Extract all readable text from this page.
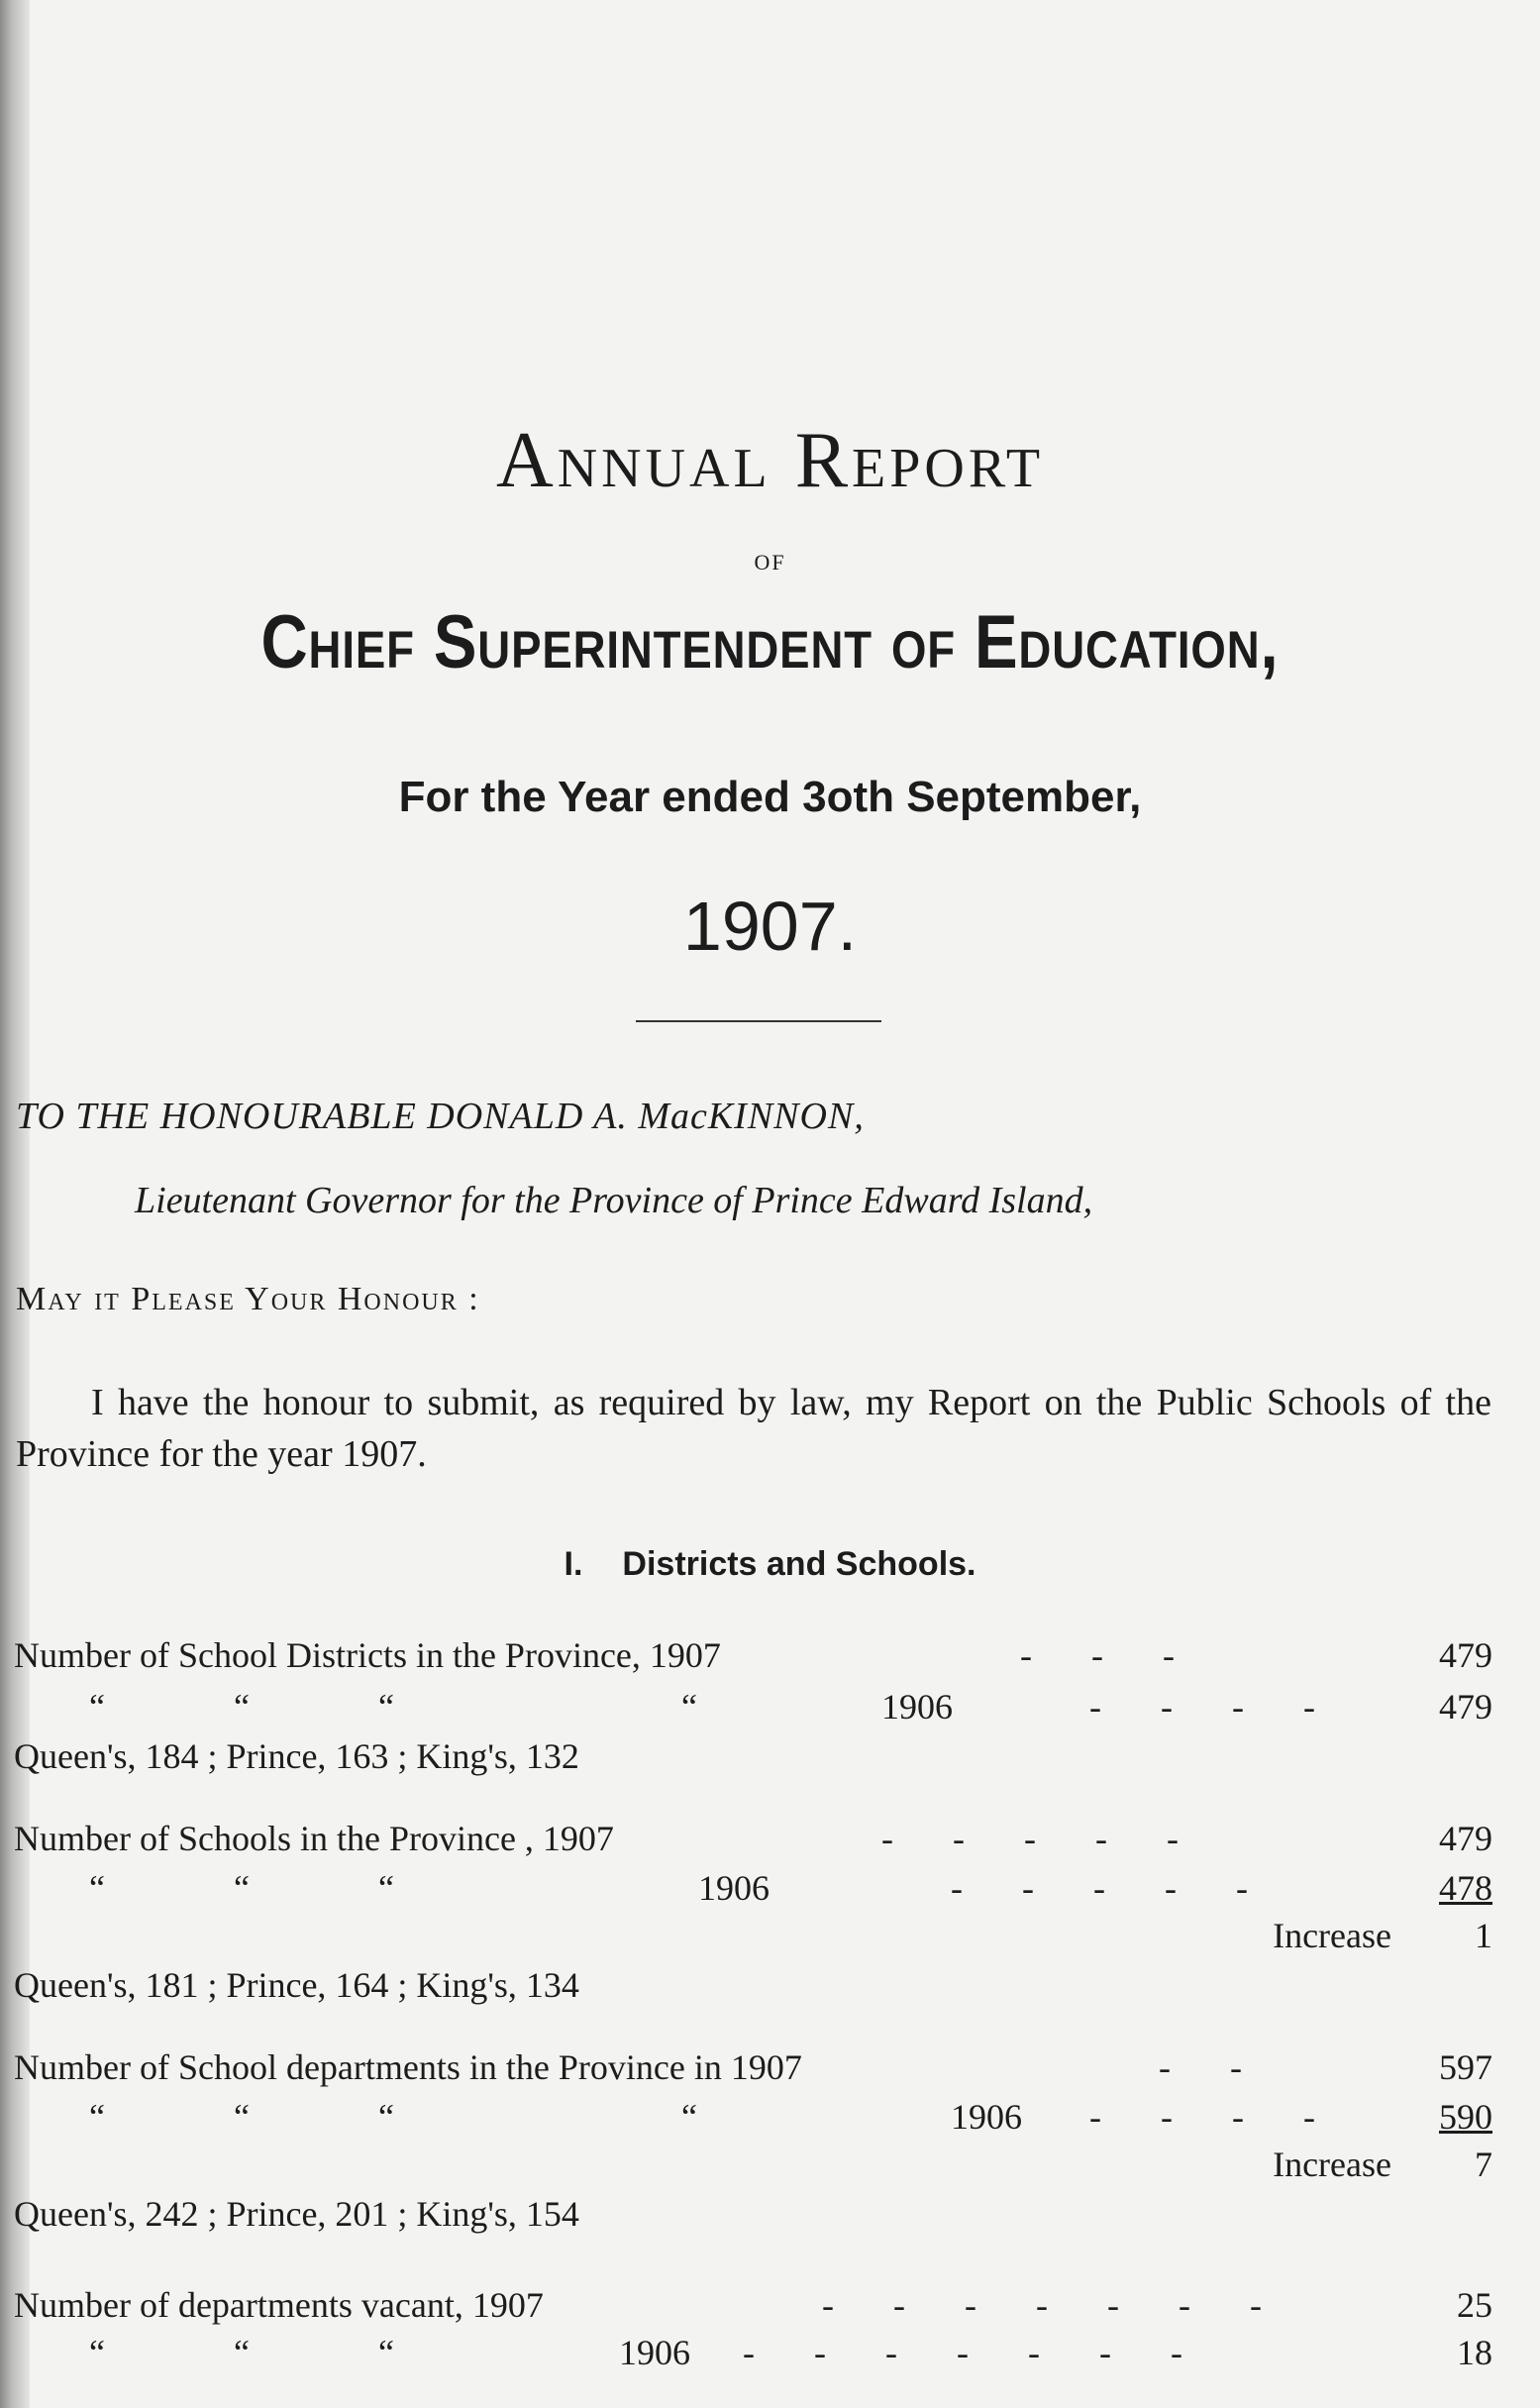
Annual Report
OF
Chief Superintendent of Education,
For the Year ended 3oth September,
1907.
TO THE HONOURABLE DONALD A. MacKINNON,
Lieutenant Governor for the Province of Prince Edward Island,
May it Please Your Honour :
I have the honour to submit, as required by law, my Report on the Public Schools of the Province for the year 1907.
I. Districts and Schools.
Number of School Districts in the Province, 1907	---	479
“	“	“	“	1906	---- 479
Queen's, 184 ; Prince, 163 ; King's, 132
Number of Schools in the Province , 1907	-----	479
“	“	“	1906	-----	478
Increase 1
Queen's, 181 ; Prince, 164 ; King's, 134
Number of School departments in the Province in 1907	--	597
“	“	“	“	1906 ---- 590
Increase 7
Queen's, 242 ; Prince, 201 ; King's, 154
Number of departments vacant, 1907	-------	25
“	“	“	1906 -------	18
